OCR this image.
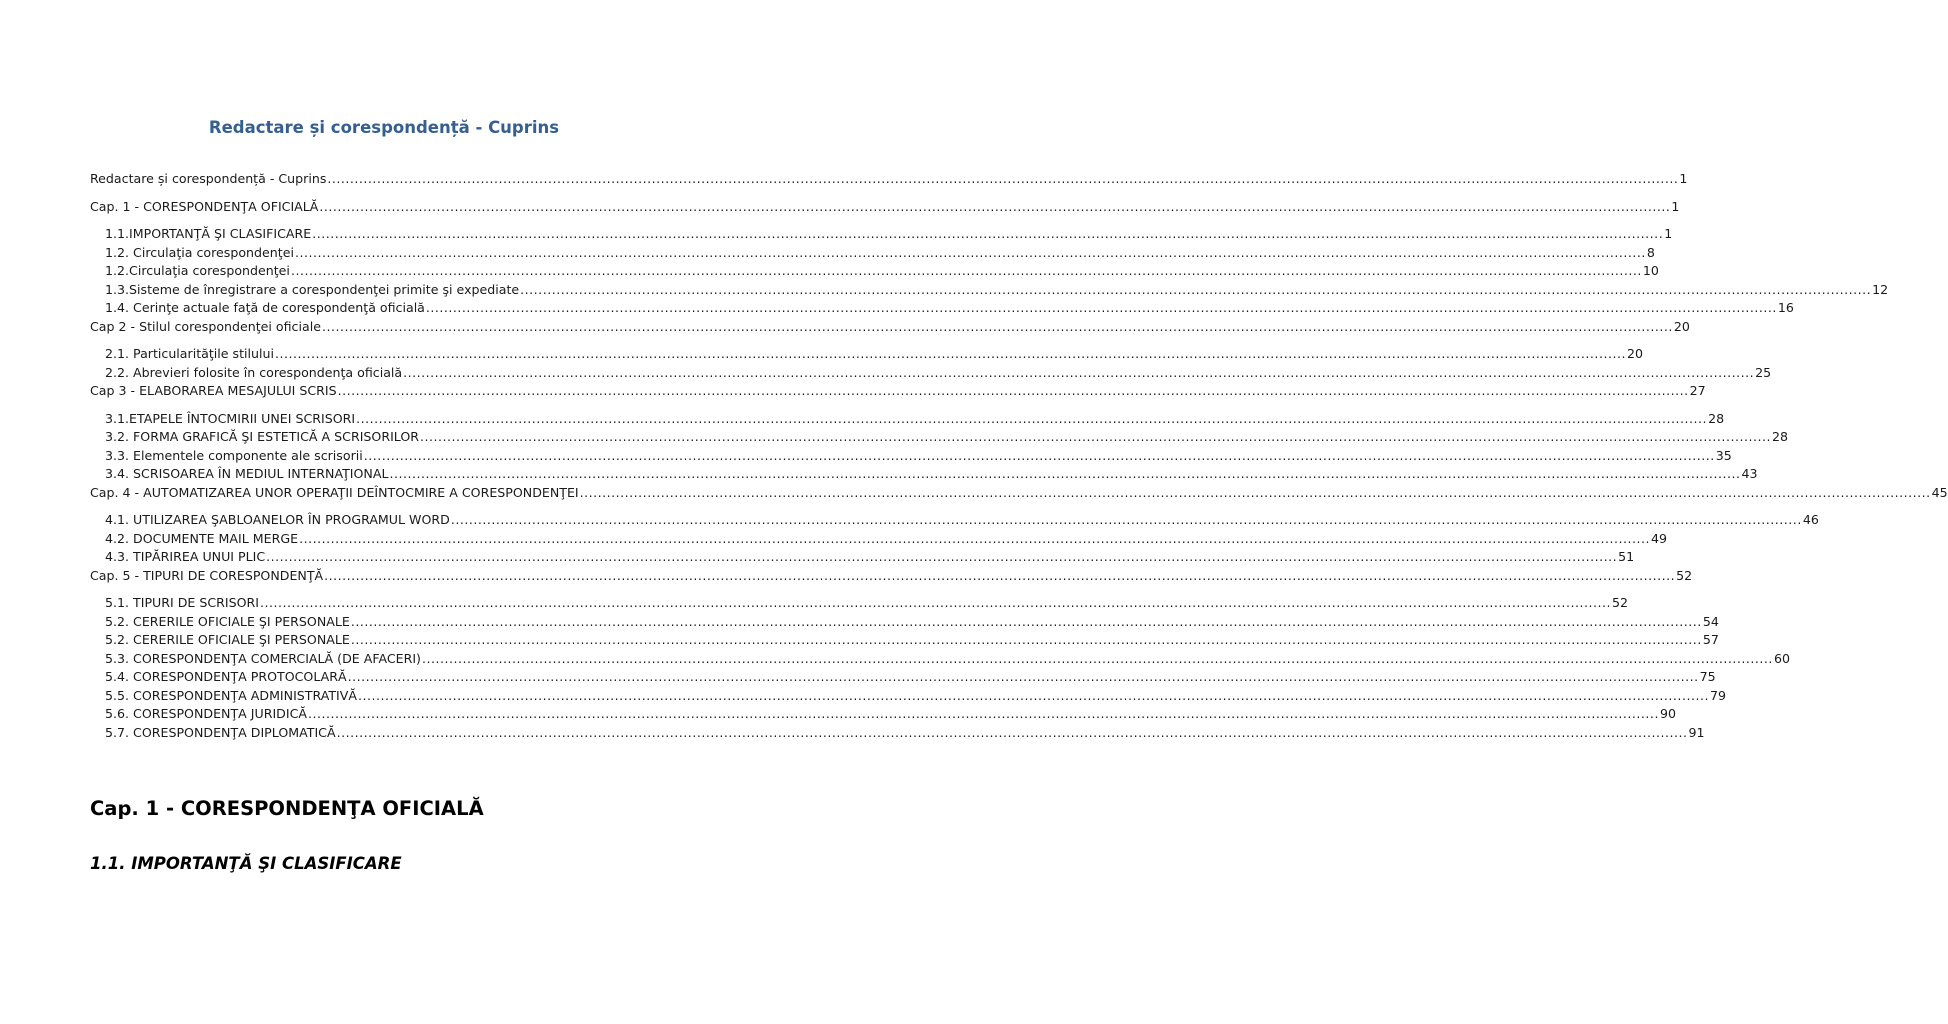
Redactare și corespondență - Cuprins
Redactare și corespondență - Cuprins ............................................................................................................................................................................................................................................................................................................ 1
Cap. 1 - CORESPONDENŢA OFICIALĂ ............................................................................................................................................................................................................................................................................................................ 1
1.1.IMPORTANŢĂ ŞI CLASIFICARE ............................................................................................................................................................................................................................................................................................................ 1
1.2. Circulaţia corespondenţei ............................................................................................................................................................................................................................................................................................................ 8
1.2.Circulaţia corespondenţei ............................................................................................................................................................................................................................................................................................................ 10
1.3.Sisteme de înregistrare a corespondenţei primite şi expediate ............................................................................................................................................................................................................................................................................................................ 12
1.4. Cerinţe actuale faţă de corespondenţă oficială ............................................................................................................................................................................................................................................................................................................ 16
Cap 2 - Stilul corespondenţei oficiale ............................................................................................................................................................................................................................................................................................................ 20
2.1. Particularităţile stilului ............................................................................................................................................................................................................................................................................................................ 20
2.2. Abrevieri folosite în corespondenţa oficială ............................................................................................................................................................................................................................................................................................................ 25
Cap 3 - ELABORAREA MESAJULUI SCRIS ............................................................................................................................................................................................................................................................................................................ 27
3.1.ETAPELE ÎNTOCMIRII UNEI SCRISORI ............................................................................................................................................................................................................................................................................................................ 28
3.2. FORMA GRAFICĂ ŞI ESTETICĂ A SCRISORILOR ............................................................................................................................................................................................................................................................................................................ 28
3.3. Elementele componente ale scrisorii ............................................................................................................................................................................................................................................................................................................ 35
3.4. SCRISOAREA ÎN MEDIUL INTERNAŢIONAL ............................................................................................................................................................................................................................................................................................................ 43
Cap. 4 - AUTOMATIZAREA UNOR OPERAŢII DEÎNTOCMIRE A CORESPONDENŢEI ............................................................................................................................................................................................................................................................................................................ 45
4.1. UTILIZAREA ŞABLOANELOR ÎN PROGRAMUL WORD ............................................................................................................................................................................................................................................................................................................ 46
4.2. DOCUMENTE MAIL MERGE ............................................................................................................................................................................................................................................................................................................ 49
4.3. TIPĂRIREA UNUI PLIC ............................................................................................................................................................................................................................................................................................................ 51
Cap. 5 - TIPURI DE CORESPONDENŢĂ ............................................................................................................................................................................................................................................................................................................ 52
5.1. TIPURI DE SCRISORI ............................................................................................................................................................................................................................................................................................................ 52
5.2. CERERILE OFICIALE ŞI PERSONALE ............................................................................................................................................................................................................................................................................................................ 54
5.2. CERERILE OFICIALE ŞI PERSONALE ............................................................................................................................................................................................................................................................................................................ 57
5.3. CORESPONDENŢA COMERCIALĂ (DE AFACERI) ............................................................................................................................................................................................................................................................................................................ 60
5.4. CORESPONDENŢA PROTOCOLARĂ ............................................................................................................................................................................................................................................................................................................ 75
5.5. CORESPONDENŢA ADMINISTRATIVĂ ............................................................................................................................................................................................................................................................................................................ 79
5.6. CORESPONDENŢA JURIDICĂ ............................................................................................................................................................................................................................................................................................................ 90
5.7. CORESPONDENŢA DIPLOMATICĂ ............................................................................................................................................................................................................................................................................................................ 91
Cap. 1 - CORESPONDENŢA OFICIALĂ
1.1. IMPORTANŢĂ ŞI CLASIFICARE
